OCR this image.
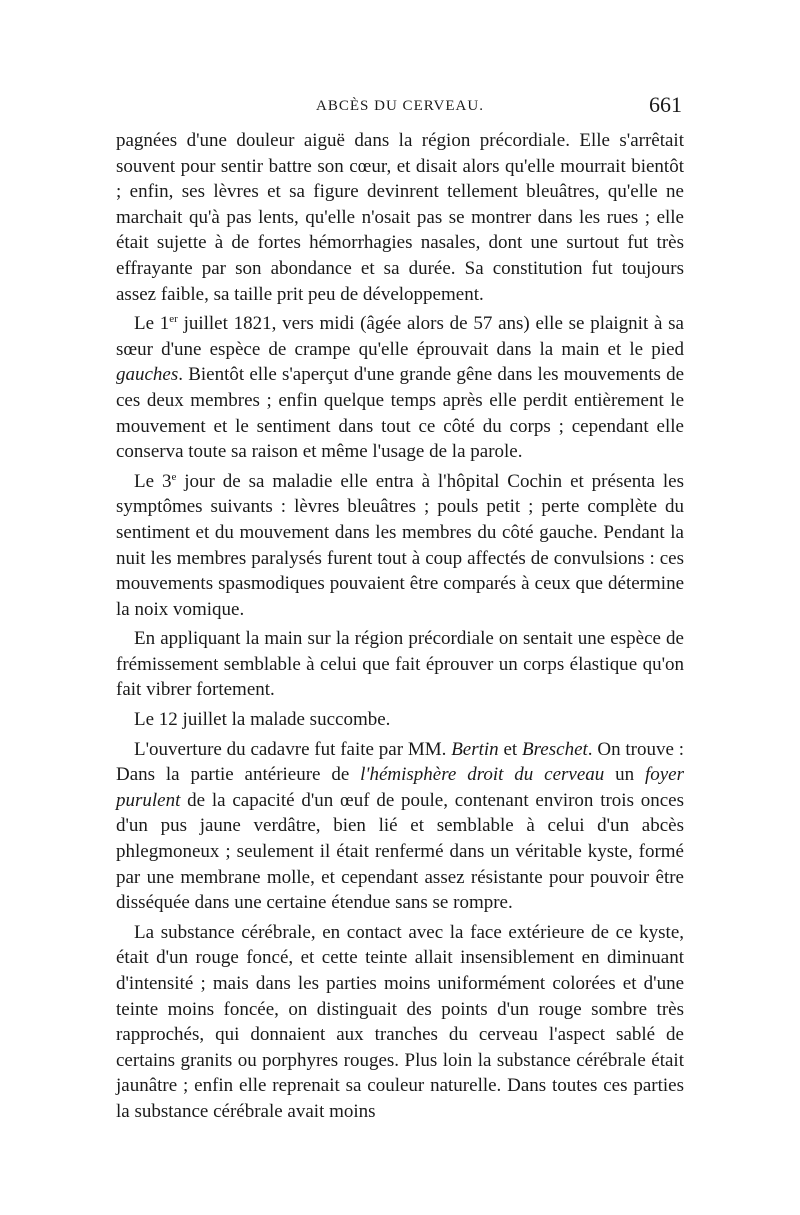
ABCÈS DU CERVEAU.	661

pagnées d'une douleur aiguë dans la région précordiale. Elle s'arrêtait souvent pour sentir battre son cœur, et disait alors qu'elle mourrait bientôt ; enfin, ses lèvres et sa figure devinrent tellement bleuâtres, qu'elle ne marchait qu'à pas lents, qu'elle n'osait pas se montrer dans les rues ; elle était sujette à de fortes hémorrhagies nasales, dont une surtout fut très effrayante par son abondance et sa durée. Sa constitution fut toujours assez faible, sa taille prit peu de développement.

Le 1er juillet 1821, vers midi (âgée alors de 57 ans) elle se plaignit à sa sœur d'une espèce de crampe qu'elle éprouvait dans la main et le pied gauches. Bientôt elle s'aperçut d'une grande gêne dans les mouvements de ces deux membres ; enfin quelque temps après elle perdit entièrement le mouvement et le sentiment dans tout ce côté du corps ; cependant elle conserva toute sa raison et même l'usage de la parole.

Le 3e jour de sa maladie elle entra à l'hôpital Cochin et présenta les symptômes suivants : lèvres bleuâtres ; pouls petit ; perte complète du sentiment et du mouvement dans les membres du côté gauche. Pendant la nuit les membres paralysés furent tout à coup affectés de convulsions : ces mouvements spasmodiques pouvaient être comparés à ceux que détermine la noix vomique.

En appliquant la main sur la région précordiale on sentait une espèce de frémissement semblable à celui que fait éprouver un corps élastique qu'on fait vibrer fortement.

Le 12 juillet la malade succombe.

L'ouverture du cadavre fut faite par MM. Bertin et Breschet. On trouve : Dans la partie antérieure de l'hémisphère droit du cerveau un foyer purulent de la capacité d'un œuf de poule, contenant environ trois onces d'un pus jaune verdâtre, bien lié et semblable à celui d'un abcès phlegmoneux ; seulement il était renfermé dans un véritable kyste, formé par une membrane molle, et cependant assez résistante pour pouvoir être disséquée dans une certaine étendue sans se rompre.

La substance cérébrale, en contact avec la face extérieure de ce kyste, était d'un rouge foncé, et cette teinte allait insensiblement en diminuant d'intensité ; mais dans les parties moins uniformément colorées et d'une teinte moins foncée, on distinguait des points d'un rouge sombre très rapprochés, qui donnaient aux tranches du cerveau l'aspect sablé de certains granits ou porphyres rouges. Plus loin la substance cérébrale était jaunâtre ; enfin elle reprenait sa couleur naturelle. Dans toutes ces parties la substance cérébrale avait moins
